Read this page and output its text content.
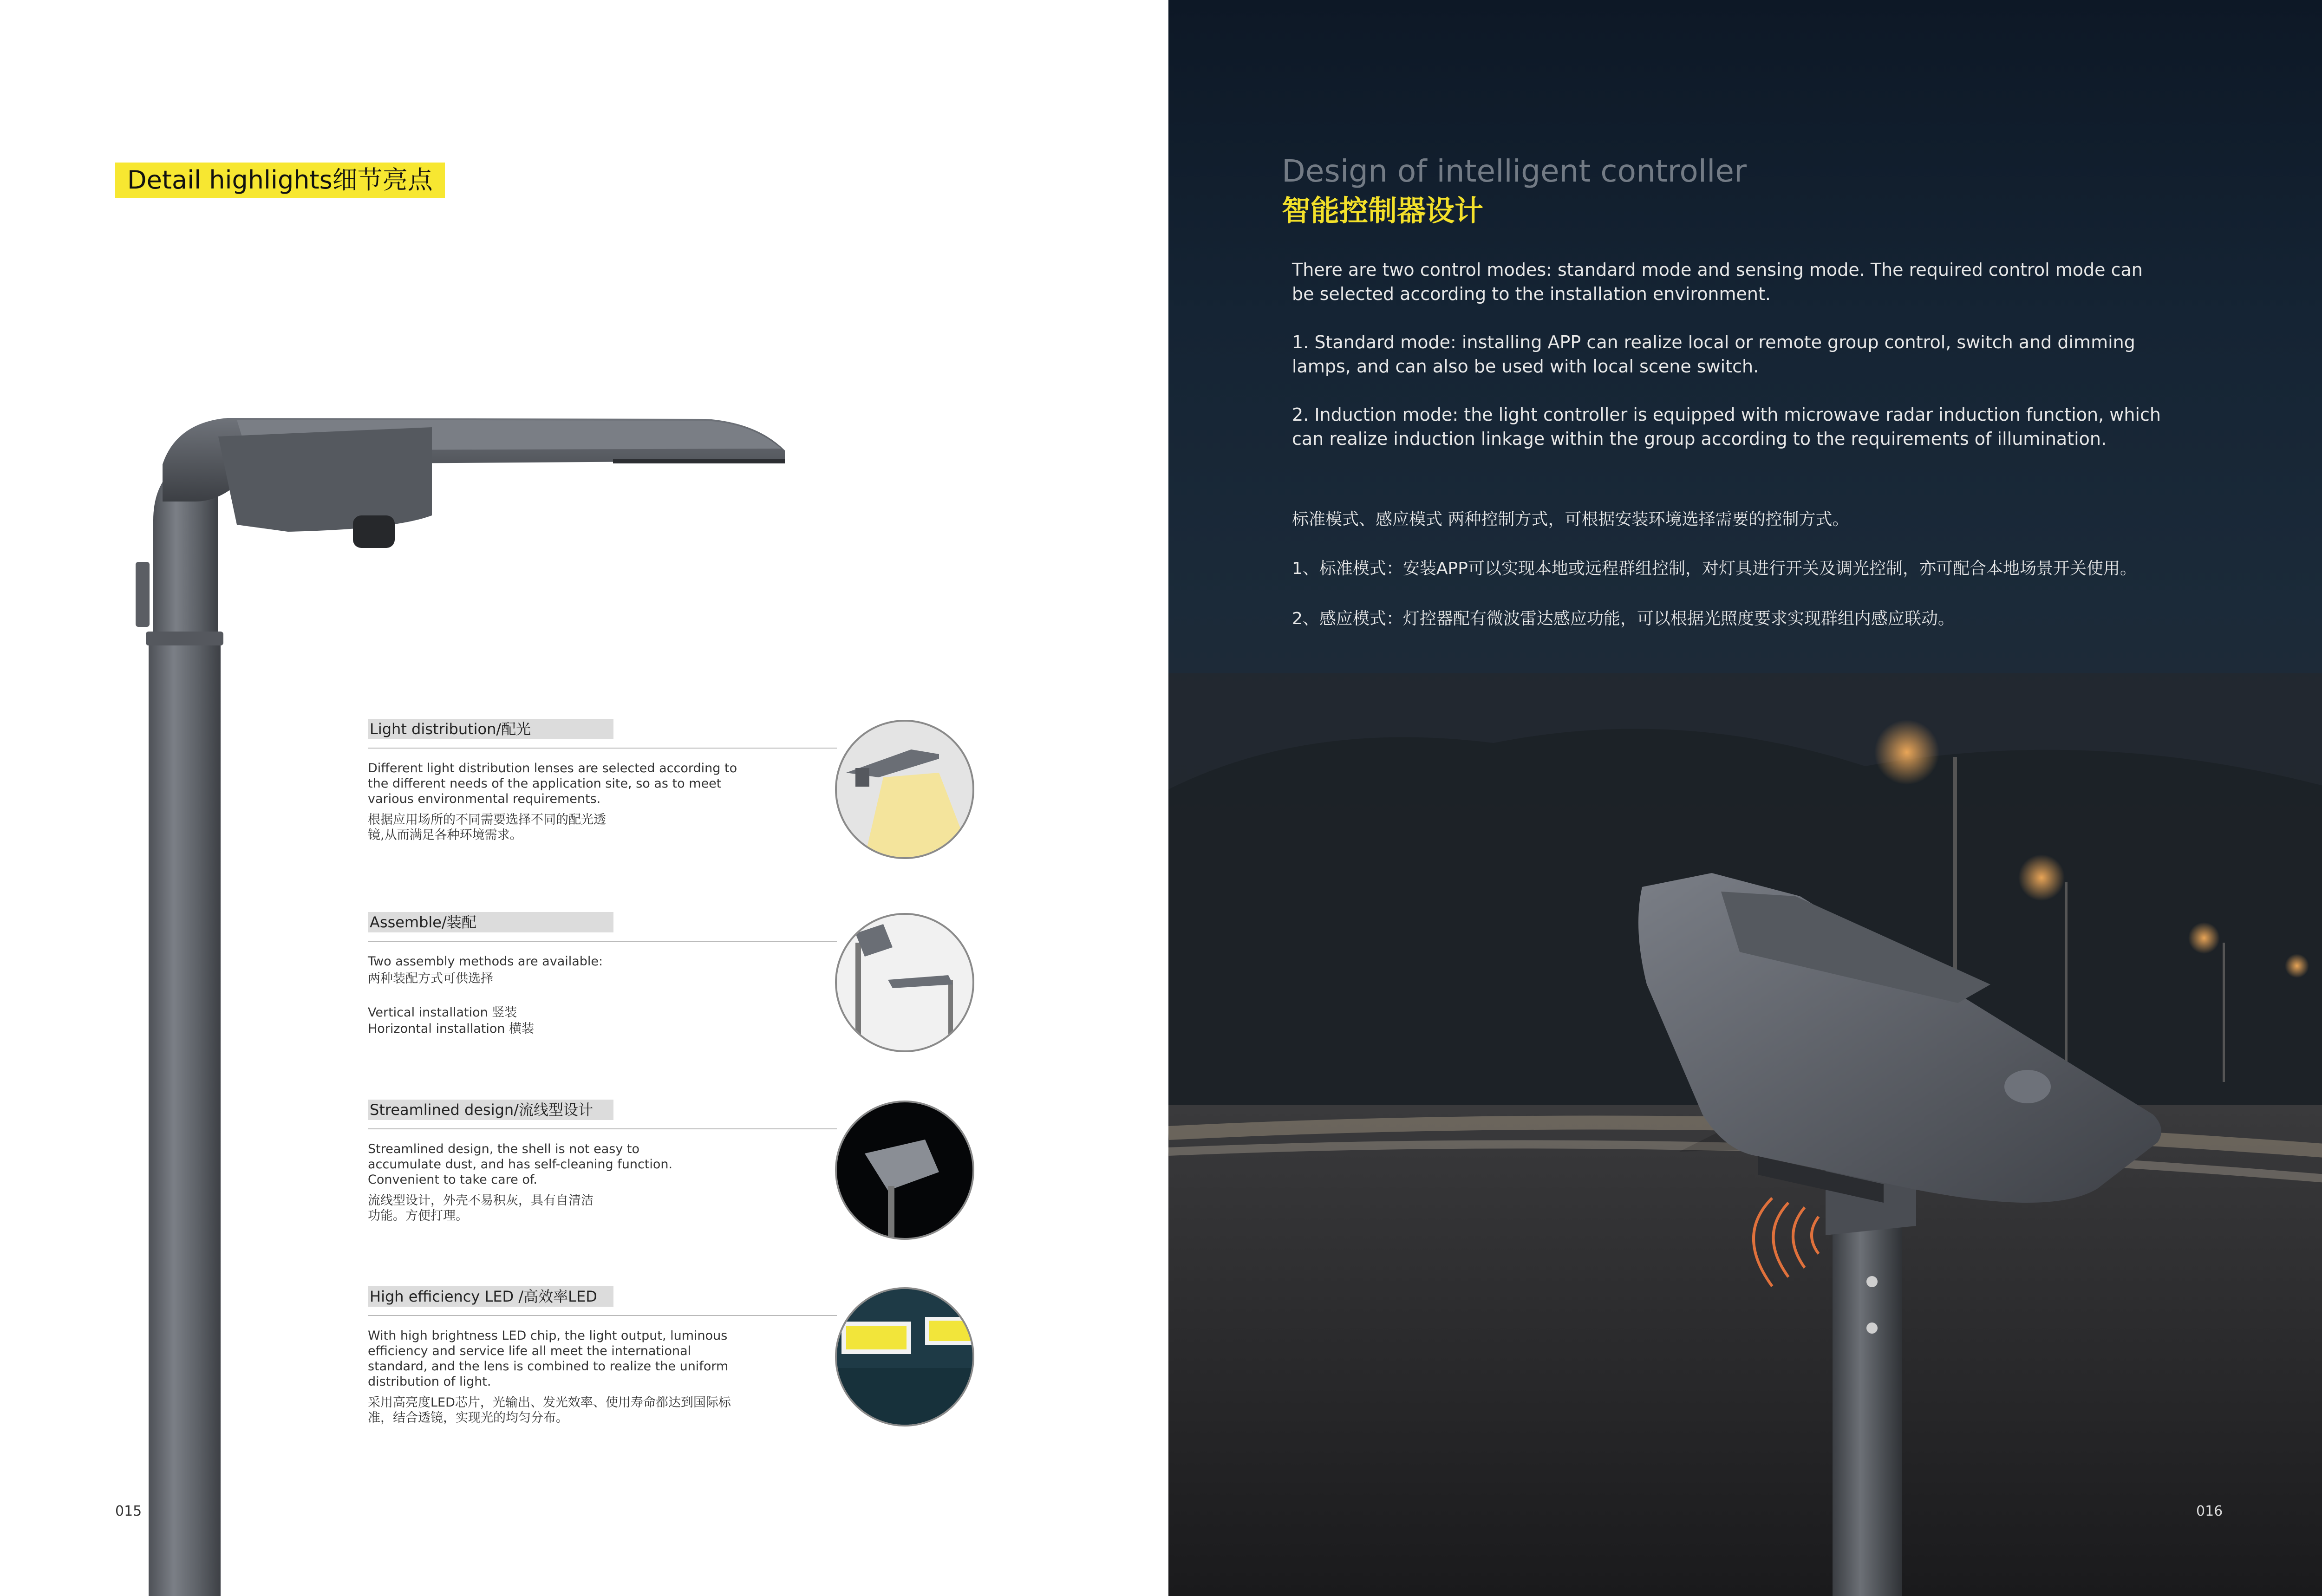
Detail highlights细节亮点
Light distribution/配光

Different light distribution lenses are selected according to the different needs of the application site, so as to meet various environmental requirements.

根据应用场所的不同需要选择不同的配光透镜,从而满足各种环境需求。

Assemble/装配

Two assembly methods are available:

两种装配方式可供选择

Vertical installation 竖装

Horizontal installation 横装

Streamlined design/流线型设计

Streamlined design, the shell is not easy to accumulate dust, and has self-cleaning function. Convenient to take care of.

流线型设计，外壳不易积灰，具有自清洁功能。方便打理。

High efficiency LED /高效率LED

With high brightness LED chip, the light output, luminous efficiency and service life all meet the international standard, and the lens is combined to realize the uniform distribution of light.

采用高亮度LED芯片，光输出、发光效率、使用寿命都达到国际标准，结合透镜，实现光的均匀分布。

015	016
Design of intelligent controller
智能控制器设计

There are two control modes: standard mode and sensing mode. The required control mode can be selected according to the installation environment.

1. Standard mode: installing APP can realize local or remote group control, switch and dimming lamps, and can also be used with local scene switch.

2. Induction mode: the light controller is equipped with microwave radar induction function, which can realize induction linkage within the group according to the requirements of illumination.

标准模式、感应模式 两种控制方式，可根据安装环境选择需要的控制方式。
1、标准模式：安装APP可以实现本地或远程群组控制，对灯具进行开关及调光控制，亦可配合本地场景开关使用。
2、感应模式：灯控器配有微波雷达感应功能，可以根据光照度要求实现群组内感应联动。
